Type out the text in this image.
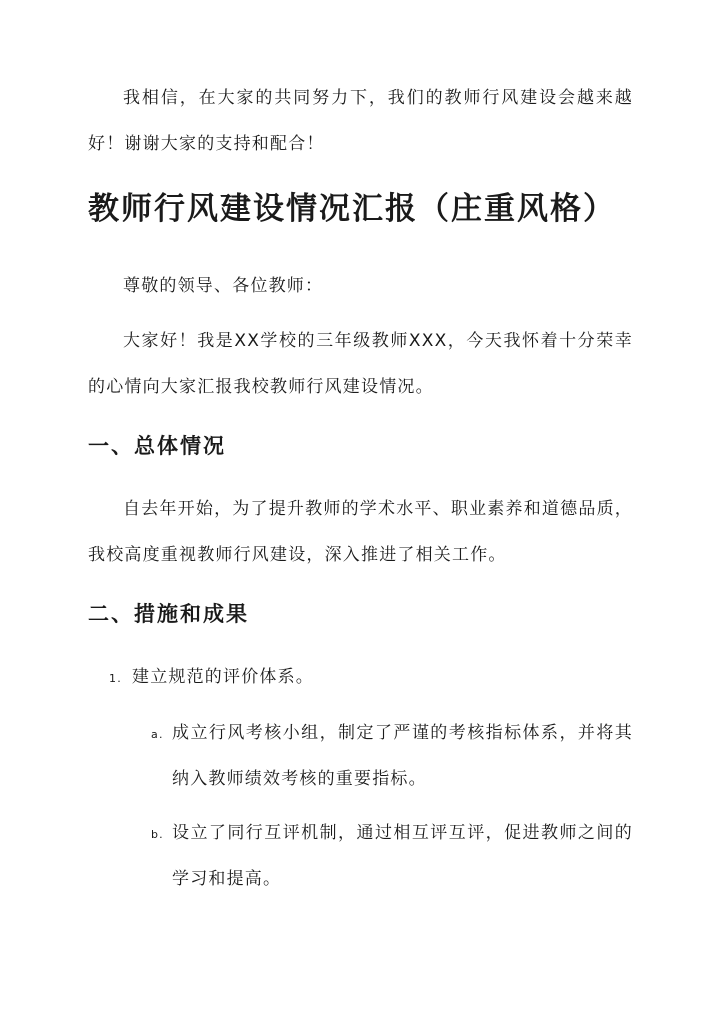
我相信，在大家的共同努力下，我们的教师行风建设会越来越好！谢谢大家的支持和配合！

教师行风建设情况汇报（庄重风格）

尊敬的领导、各位教师：

大家好！我是XX学校的三年级教师XXX，今天我怀着十分荣幸的心情向大家汇报我校教师行风建设情况。

一、总体情况

自去年开始，为了提升教师的学术水平、职业素养和道德品质，我校高度重视教师行风建设，深入推进了相关工作。

二、措施和成果
1. 建立规范的评价体系。
a. 成立行风考核小组，制定了严谨的考核指标体系，并将其纳入教师绩效考核的重要指标。
b. 设立了同行互评机制，通过相互评互评，促进教师之间的学习和提高。
